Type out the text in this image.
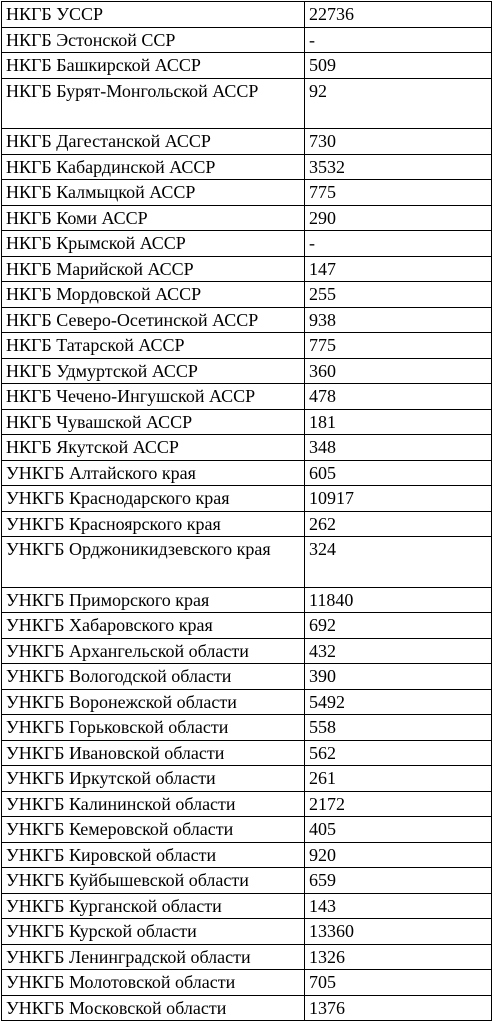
НКГБ УССР	22736
НКГБ Эстонской ССР	-
НКГБ Башкирской АССР	509
НКГБ Бурят-Монгольской АССР	92
НКГБ Дагестанской АССР	730
НКГБ Кабардинской АССР	3532
НКГБ Калмыцкой АССР	775
НКГБ Коми АССР	290
НКГБ Крымской АССР	-
НКГБ Марийской АССР	147
НКГБ Мордовской АССР	255
НКГБ Северо-Осетинской АССР	938
НКГБ Татарской АССР	775
НКГБ Удмуртской АССР	360
НКГБ Чечено-Ингушской АССР	478
НКГБ Чувашской АССР	181
НКГБ Якутской АССР	348
УНКГБ Алтайского края	605
УНКГБ Краснодарского края	10917
УНКГБ Красноярского края	262
УНКГБ Орджоникидзевского края	324
УНКГБ Приморского края	11840
УНКГБ Хабаровского края	692
УНКГБ Архангельской области	432
УНКГБ Вологодской области	390
УНКГБ Воронежской области	5492
УНКГБ Горьковской области	558
УНКГБ Ивановской области	562
УНКГБ Иркутской области	261
УНКГБ Калининской области	2172
УНКГБ Кемеровской области	405
УНКГБ Кировской области	920
УНКГБ Куйбышевской области	659
УНКГБ Курганской области	143
УНКГБ Курской области	13360
УНКГБ Ленинградской области	1326
УНКГБ Молотовской области	705
УНКГБ Московской области	1376
